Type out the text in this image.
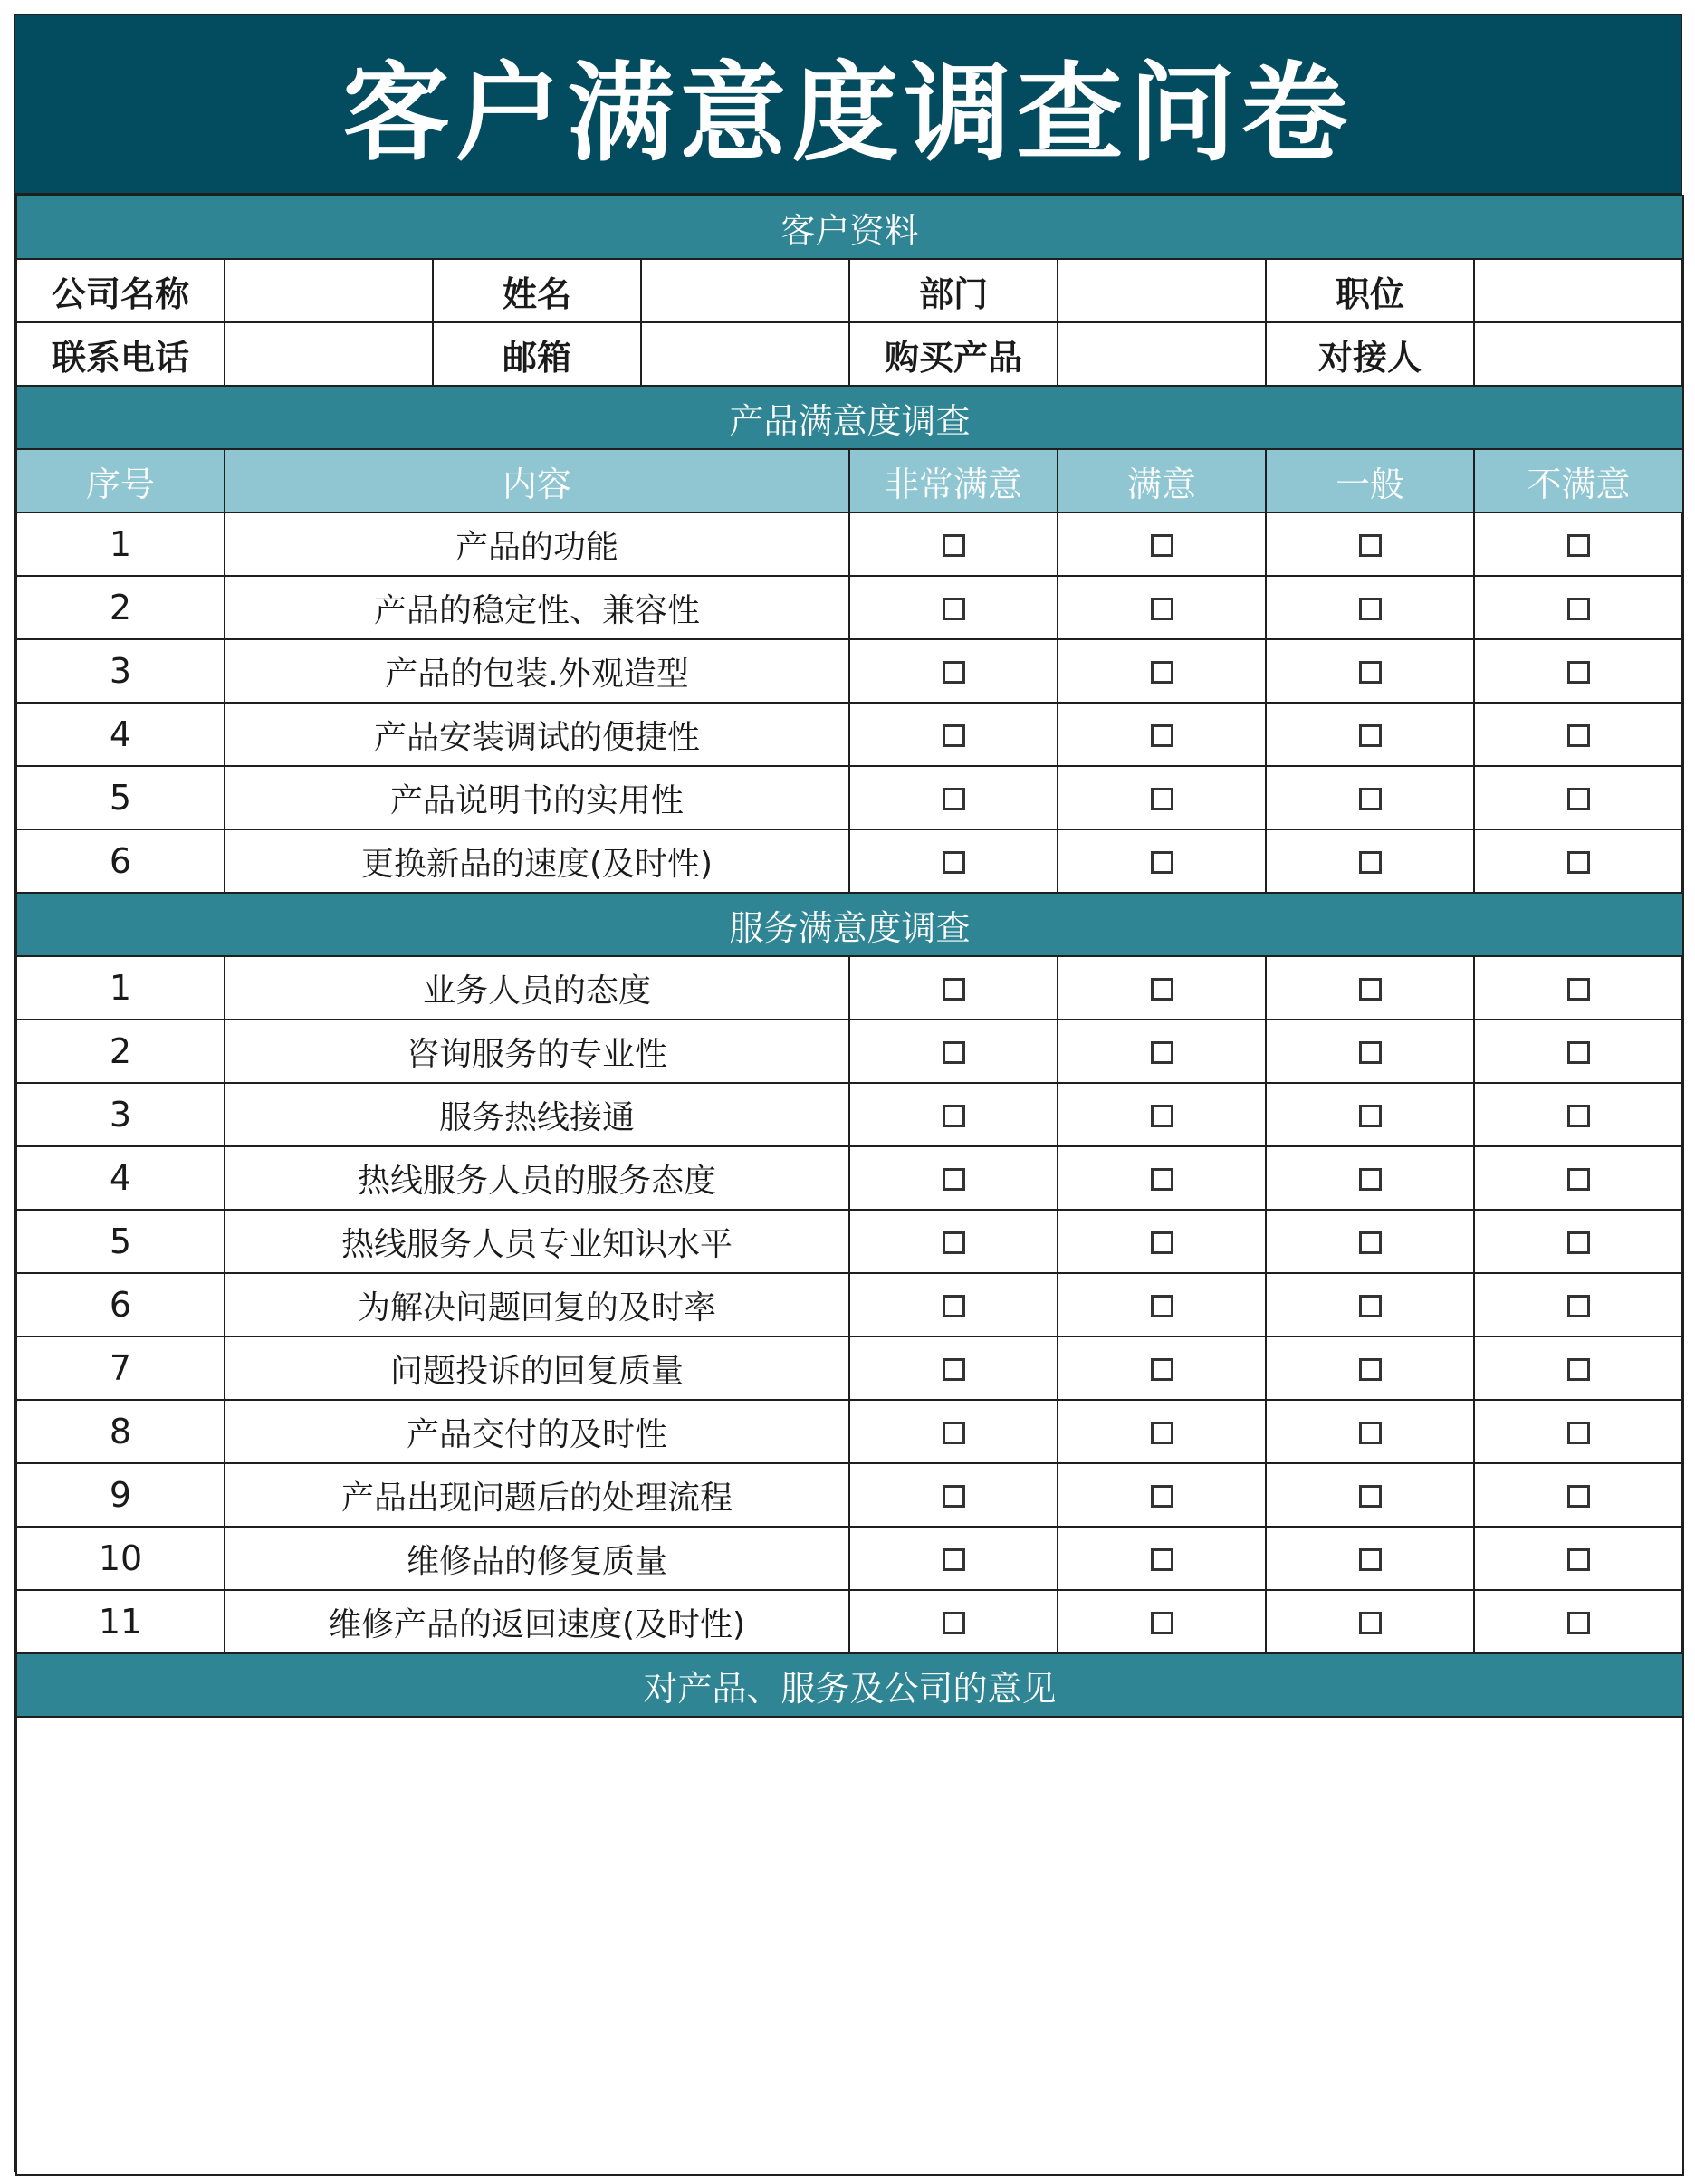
客户满意度调查问卷
客户资料							
公司名称		姓名		部门		职位	
联系电话		邮箱		购买产品		对接人	
产品满意度调查							
序号	内容			非常满意	满意	一般	不满意
1	产品的功能						
2	产品的稳定性、兼容性						
3	产品的包装.外观造型						
4	产品安装调试的便捷性						
5	产品说明书的实用性						
6	更换新品的速度(及时性)						
服务满意度调查							
1	业务人员的态度						
2	咨询服务的专业性						
3	服务热线接通						
4	热线服务人员的服务态度						
5	热线服务人员专业知识水平						
6	为解决问题回复的及时率						
7	问题投诉的回复质量						
8	产品交付的及时性						
9	产品出现问题后的处理流程						
10	维修品的修复质量						
11	维修产品的返回速度(及时性)						
对产品、服务及公司的意见							
